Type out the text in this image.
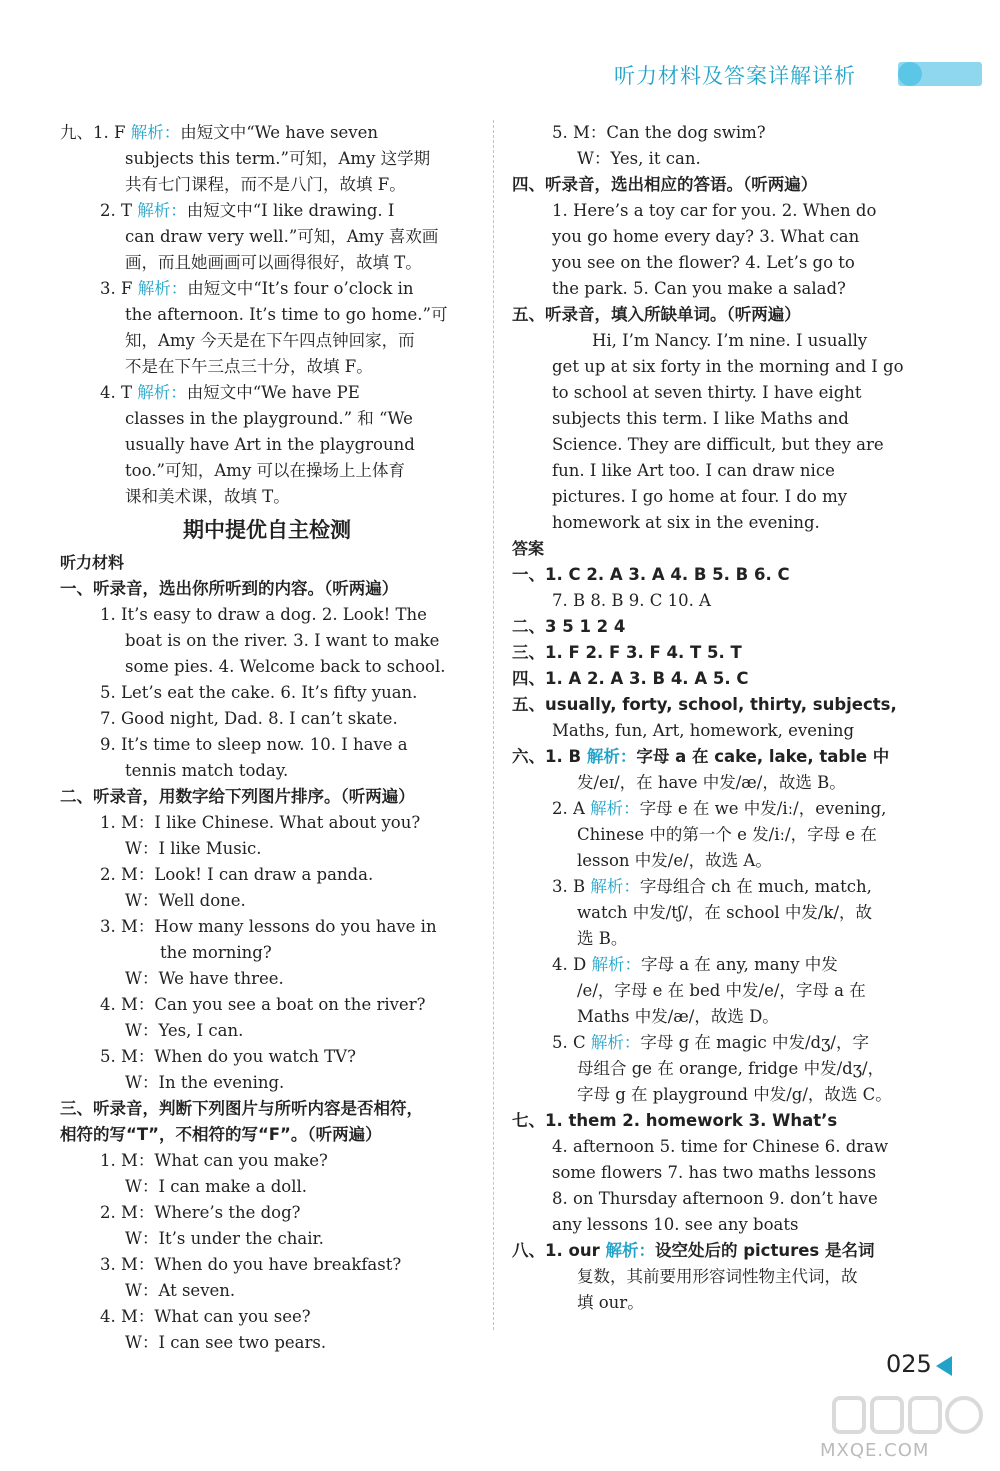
听力材料及答案详解详析
九、1. F 解析：由短文中“We have seven
subjects this term.”可知，Amy 这学期
共有七门课程，而不是八门，故填 F。
2. T 解析：由短文中“I like drawing. I
can draw very well.”可知，Amy 喜欢画
画，而且她画画可以画得很好，故填 T。
3. F 解析：由短文中“It’s four o’clock in
the afternoon. It’s time to go home.”可
知，Amy 今天是在下午四点钟回家，而
不是在下午三点三十分，故填 F。
4. T 解析：由短文中“We have PE
classes in the playground.” 和 “We
usually have Art in the playground
too.”可知，Amy 可以在操场上上体育
课和美术课，故填 T。
期中提优自主检测
听力材料
一、听录音，选出你所听到的内容。（听两遍）
1. It’s easy to draw a dog. 2. Look! The
boat is on the river. 3. I want to make
some pies. 4. Welcome back to school.
5. Let’s eat the cake. 6. It’s fifty yuan.
7. Good night, Dad. 8. I can’t skate.
9. It’s time to sleep now. 10. I have a
tennis match today.
二、听录音，用数字给下列图片排序。（听两遍）
1. M：I like Chinese. What about you?
W：I like Music.
2. M：Look! I can draw a panda.
W：Well done.
3. M：How many lessons do you have in
the morning?
W：We have three.
4. M：Can you see a boat on the river?
W：Yes, I can.
5. M：When do you watch TV?
W：In the evening.
三、听录音，判断下列图片与所听内容是否相符，
相符的写“T”，不相符的写“F”。（听两遍）
1. M：What can you make?
W：I can make a doll.
2. M：Where’s the dog?
W：It’s under the chair.
3. M：When do you have breakfast?
W：At seven.
4. M：What can you see?
W：I can see two pears.
5. M：Can the dog swim?
W：Yes, it can.
四、听录音，选出相应的答语。（听两遍）
1. Here’s a toy car for you. 2. When do
you go home every day? 3. What can
you see on the flower? 4. Let’s go to
the park. 5. Can you make a salad?
五、听录音，填入所缺单词。（听两遍）
Hi, I’m Nancy. I’m nine. I usually
get up at six forty in the morning and I go
to school at seven thirty. I have eight
subjects this term. I like Maths and
Science. They are difficult, but they are
fun. I like Art too. I can draw nice
pictures. I go home at four. I do my
homework at six in the evening.
答案
一、1. C 2. A 3. A 4. B 5. B 6. C
7. B 8. B 9. C 10. A
二、3 5 1 2 4
三、1. F 2. F 3. F 4. T 5. T
四、1. A 2. A 3. B 4. A 5. C
五、usually, forty, school, thirty, subjects,
Maths, fun, Art, homework, evening
六、1. B 解析：字母 a 在 cake, lake, table 中
发/eɪ/，在 have 中发/æ/，故选 B。
2. A 解析：字母 e 在 we 中发/iː/，evening,
Chinese 中的第一个 e 发/iː/，字母 e 在
lesson 中发/e/，故选 A。
3. B 解析：字母组合 ch 在 much, match,
watch 中发/tʃ/，在 school 中发/k/，故
选 B。
4. D 解析：字母 a 在 any, many 中发
/e/，字母 e 在 bed 中发/e/，字母 a 在
Maths 中发/æ/，故选 D。
5. C 解析：字母 g 在 magic 中发/dʒ/，字
母组合 ge 在 orange, fridge 中发/dʒ/，
字母 g 在 playground 中发/g/，故选 C。
七、1. them 2. homework 3. What’s
4. afternoon 5. time for Chinese 6. draw
some flowers 7. has two maths lessons
8. on Thursday afternoon 9. don’t have
any lessons 10. see any boats
八、1. our 解析：设空处后的 pictures 是名词
复数，其前要用形容词性物主代词，故
填 our。
025
MXQE.COM
